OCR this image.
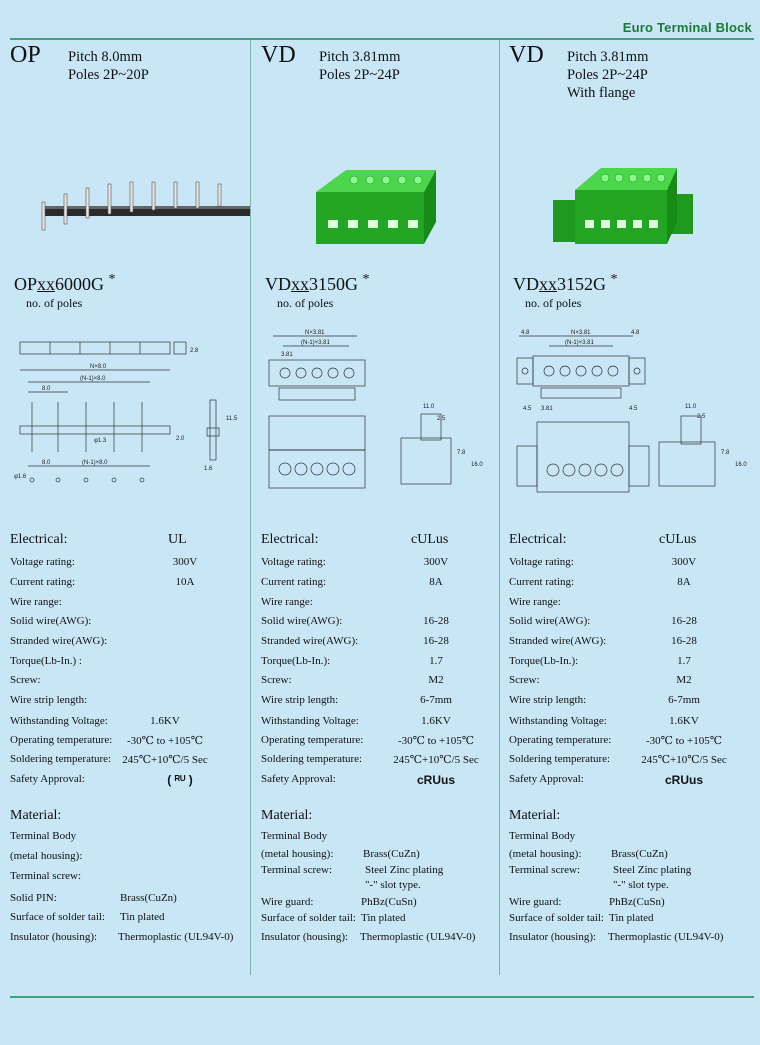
Euro Terminal Block
OP Pitch 8.0mm
Poles 2P~20P
OPxx6000G *
no. of poles
N×8.0
(N-1)×8.0
8.0
φ1.3
8.0	(N-1)×8.0
φ1.6
11.5
2.0
2.8
1.6
Electrical:	UL
Voltage rating:	300V
Current rating:	10A
Wire range:
Solid wire(AWG):
Stranded wire(AWG):
Torque(Lb-In.) :
Screw:
Wire strip length:
Withstanding Voltage:	1.6KV
Operating temperature:	-30℃ to +105℃
Soldering temperature: 245℃+10℃/5 Sec
Safety Approval:	( ᴿᵁ )
Material:
Terminal Body
(metal housing):
Terminal screw:
Solid PIN:	Brass(CuZn)
Surface of solder tail: Tin plated
Insulator (housing): Thermoplastic (UL94V-0)
VD Pitch 3.81mm
Poles 2P~24P
VDxx3150G *
no. of poles
N×3.81
(N-1)×3.81
3.81
11.0
2.5
7.8
16.0
Electrical:	cULus
Voltage rating:	300V
Current rating:	8A
Wire range:
Solid wire(AWG):	16-28
Stranded wire(AWG):	16-28
Torque(Lb-In.):	1.7
Screw:	M2
Wire strip length:	6-7mm
Withstanding Voltage:	1.6KV
Operating temperature:	-30℃ to +105℃
Soldering temperature:	245℃+10℃/5 Sec
Safety Approval:	cRUus
Material:
Terminal Body
(metal housing):	Brass(CuZn)
Terminal screw:	Steel Zinc plating
"-" slot type.
Wire guard:	PhBz(CuSn)
Surface of solder tail: Tin plated
Insulator (housing): Thermoplastic (UL94V-0)
VD Pitch 3.81mm
Poles 2P~24P
With flange
VDxx3152G *
no. of poles
4.8	N×3.81	4.8
(N-1)×3.81
4.5 3.81	4.5	11.0
2.5
7.8
16.0
Electrical:	cULus
Voltage rating:	300V
Current rating:	8A
Wire range:
Solid wire(AWG):	16-28
Stranded wire(AWG):	16-28
Torque(Lb-In.):	1.7
Screw:	M2
Wire strip length:	6-7mm
Withstanding Voltage:	1.6KV
Operating temperature:	-30℃ to +105℃
Soldering temperature:	245℃+10℃/5 Sec
Safety Approval:	cRUus
Material:
Terminal Body
(metal housing):	Brass(CuZn)
Terminal screw:	Steel Zinc plating
"-" slot type.
Wire guard:	PhBz(CuSn)
Surface of solder tail: Tin plated
Insulator (housing): Thermoplastic (UL94V-0)
